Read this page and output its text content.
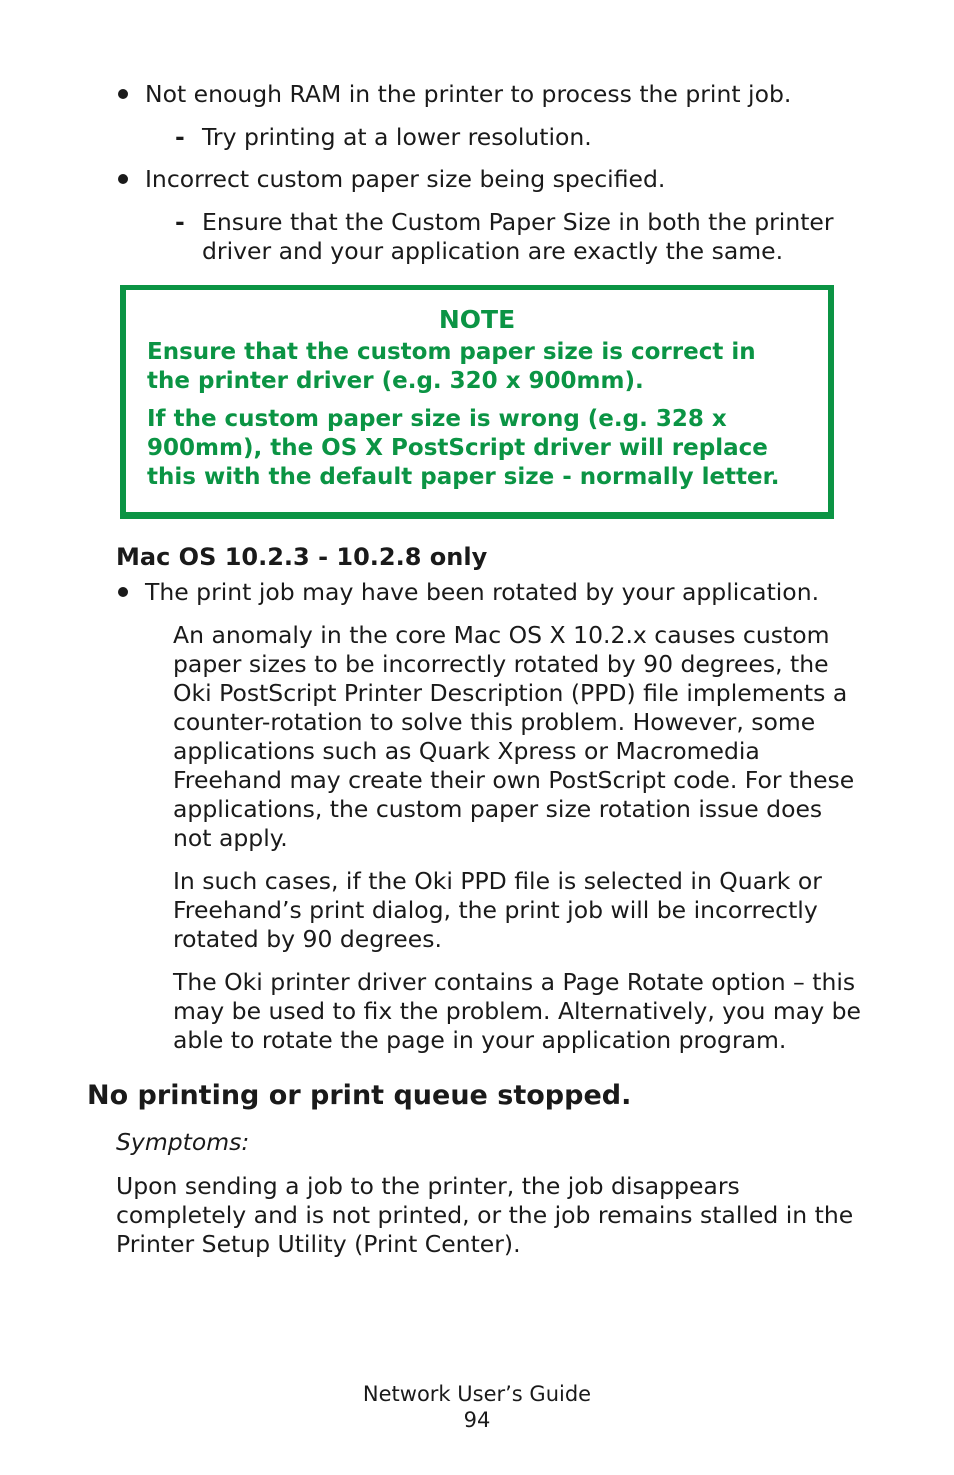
Not enough RAM in the printer to process the print job.
- Try printing at a lower resolution.
Incorrect custom paper size being specified.
- Ensure that the Custom Paper Size in both the printer
driver and your application are exactly the same.
NOTE
Ensure that the custom paper size is correct in
the printer driver (e.g. 320 x 900mm).
If the custom paper size is wrong (e.g. 328 x
900mm), the OS X PostScript driver will replace
this with the default paper size - normally letter.
Mac OS 10.2.3 - 10.2.8 only
The print job may have been rotated by your application.
An anomaly in the core Mac OS X 10.2.x causes custom
paper sizes to be incorrectly rotated by 90 degrees, the
Oki PostScript Printer Description (PPD) file implements a
counter-rotation to solve this problem. However, some
applications such as Quark Xpress or Macromedia
Freehand may create their own PostScript code. For these
applications, the custom paper size rotation issue does
not apply.
In such cases, if the Oki PPD file is selected in Quark or
Freehand’s print dialog, the print job will be incorrectly
rotated by 90 degrees.
The Oki printer driver contains a Page Rotate option – this
may be used to fix the problem. Alternatively, you may be
able to rotate the page in your application program.
No printing or print queue stopped.
Symptoms:
Upon sending a job to the printer, the job disappears
completely and is not printed, or the job remains stalled in the
Printer Setup Utility (Print Center).
Network User’s Guide
94
